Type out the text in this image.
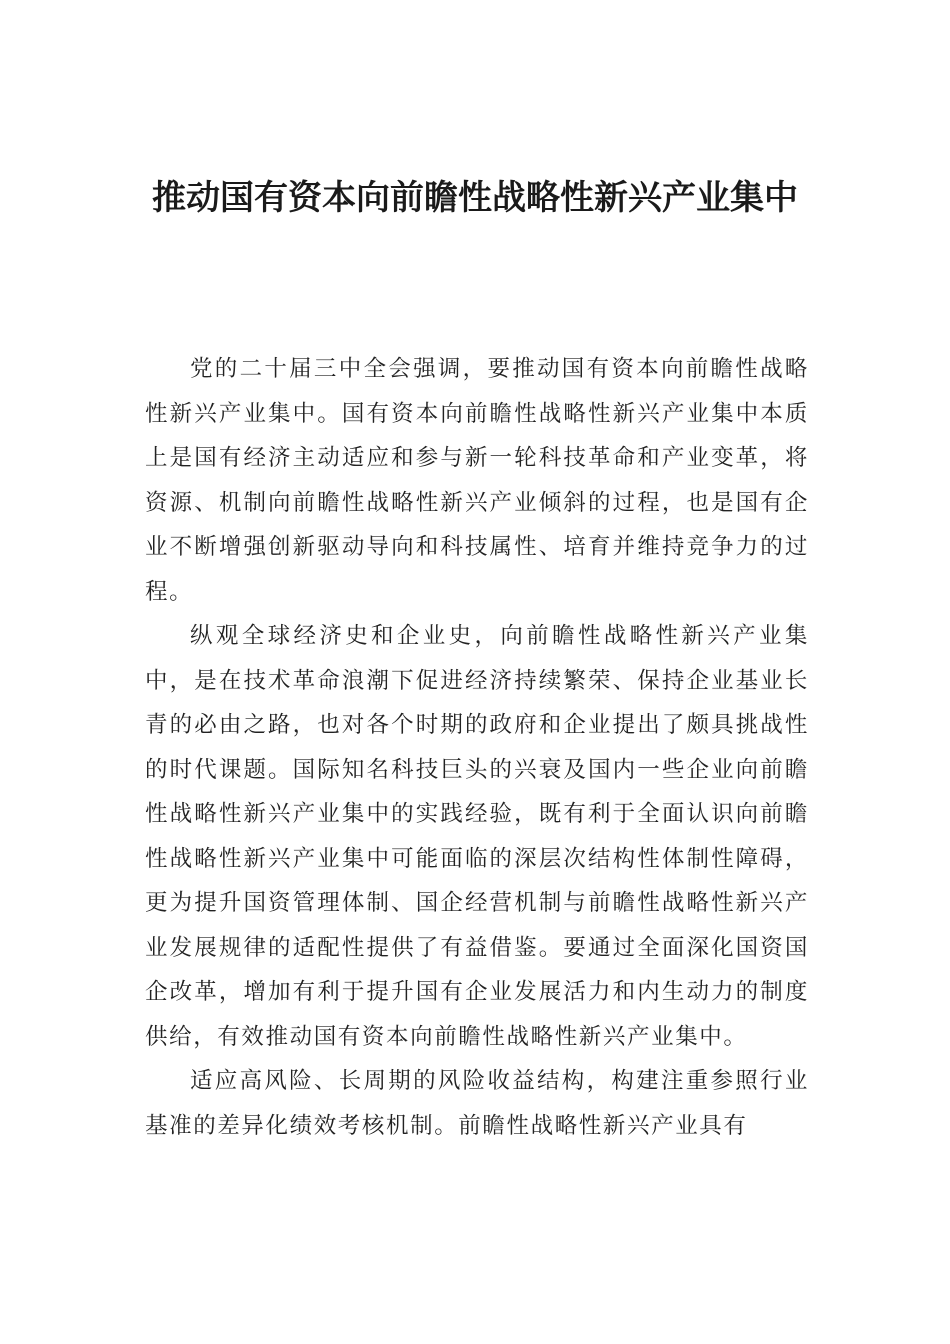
推动国有资本向前瞻性战略性新兴产业集中

党的二十届三中全会强调，要推动国有资本向前瞻性战略性新兴产业集中。国有资本向前瞻性战略性新兴产业集中本质上是国有经济主动适应和参与新一轮科技革命和产业变革，将资源、机制向前瞻性战略性新兴产业倾斜的过程，也是国有企业不断增强创新驱动导向和科技属性、培育并维持竞争力的过程。

纵观全球经济史和企业史，向前瞻性战略性新兴产业集中，是在技术革命浪潮下促进经济持续繁荣、保持企业基业长青的必由之路，也对各个时期的政府和企业提出了颇具挑战性的时代课题。国际知名科技巨头的兴衰及国内一些企业向前瞻性战略性新兴产业集中的实践经验，既有利于全面认识向前瞻性战略性新兴产业集中可能面临的深层次结构性体制性障碍，更为提升国资管理体制、国企经营机制与前瞻性战略性新兴产业发展规律的适配性提供了有益借鉴。要通过全面深化国资国企改革，增加有利于提升国有企业发展活力和内生动力的制度供给，有效推动国有资本向前瞻性战略性新兴产业集中。

适应高风险、长周期的风险收益结构，构建注重参照行业基准的差异化绩效考核机制。前瞻性战略性新兴产业具有
